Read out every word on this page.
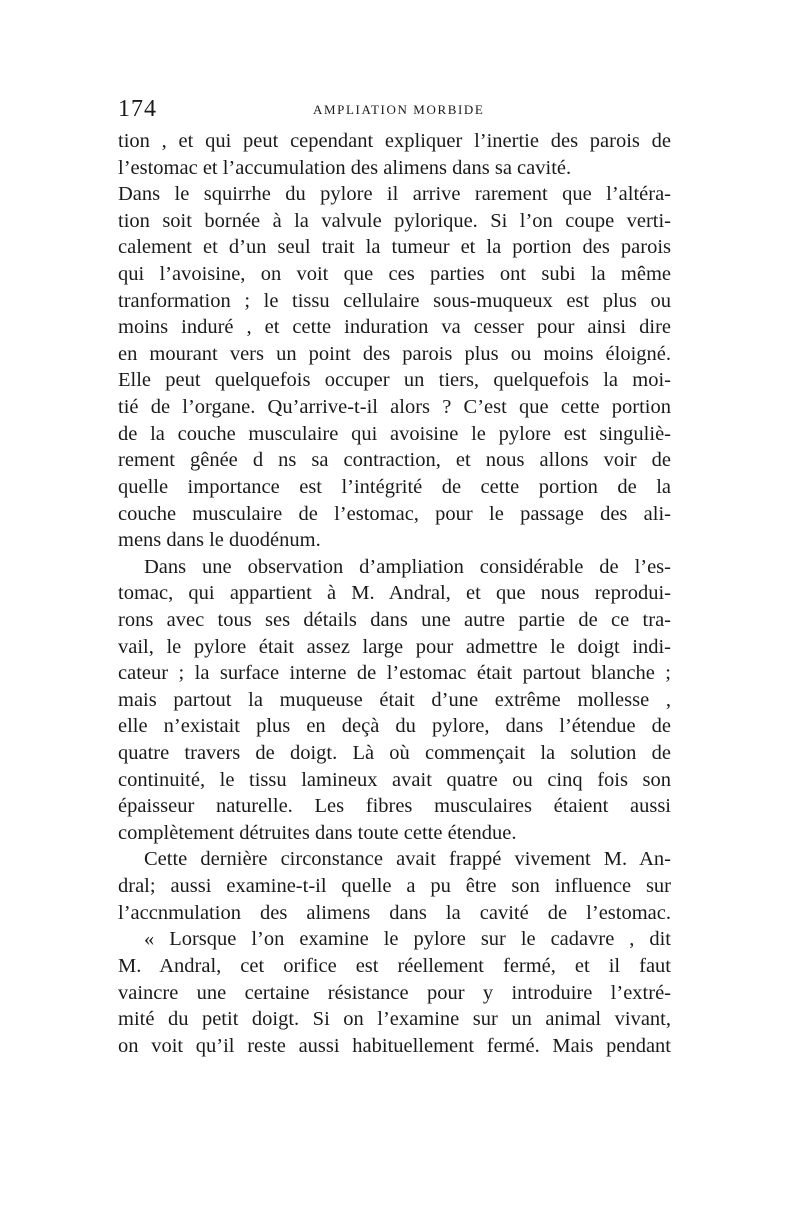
174	AMPLIATION MORBIDE
tion , et qui peut cependant expliquer l’inertie des parois de
l’estomac et l’accumulation des alimens dans sa cavité.
Dans le squirrhe du pylore il arrive rarement que l’altéra-
tion soit bornée à la valvule pylorique. Si l’on coupe verti-
calement et d’un seul trait la tumeur et la portion des parois
qui l’avoisine, on voit que ces parties ont subi la même
tranformation ; le tissu cellulaire sous-muqueux est plus ou
moins induré , et cette induration va cesser pour ainsi dire
en mourant vers un point des parois plus ou moins éloigné.
Elle peut quelquefois occuper un tiers, quelquefois la moi-
tié de l’organe. Qu’arrive-t-il alors ? C’est que cette portion
de la couche musculaire qui avoisine le pylore est singuliè-
rement gênée d ns sa contraction, et nous allons voir de
quelle importance est l’intégrité de cette portion de la
couche musculaire de l’estomac, pour le passage des ali-
mens dans le duodénum.
Dans une observation d’ampliation considérable de l’es-
tomac, qui appartient à M. Andral, et que nous reprodui-
rons avec tous ses détails dans une autre partie de ce tra-
vail, le pylore était assez large pour admettre le doigt indi-
cateur ; la surface interne de l’estomac était partout blanche ;
mais partout la muqueuse était d’une extrême mollesse ,
elle n’existait plus en deçà du pylore, dans l’étendue de
quatre travers de doigt. Là où commençait la solution de
continuité, le tissu lamineux avait quatre ou cinq fois son
épaisseur naturelle. Les fibres musculaires étaient aussi
complètement détruites dans toute cette étendue.
Cette dernière circonstance avait frappé vivement M. An-
dral; aussi examine-t-il quelle a pu être son influence sur
l’accnmulation des alimens dans la cavité de l’estomac.
« Lorsque l’on examine le pylore sur le cadavre , dit
M. Andral, cet orifice est réellement fermé, et il faut
vaincre une certaine résistance pour y introduire l’extré-
mité du petit doigt. Si on l’examine sur un animal vivant,
on voit qu’il reste aussi habituellement fermé. Mais pendant
